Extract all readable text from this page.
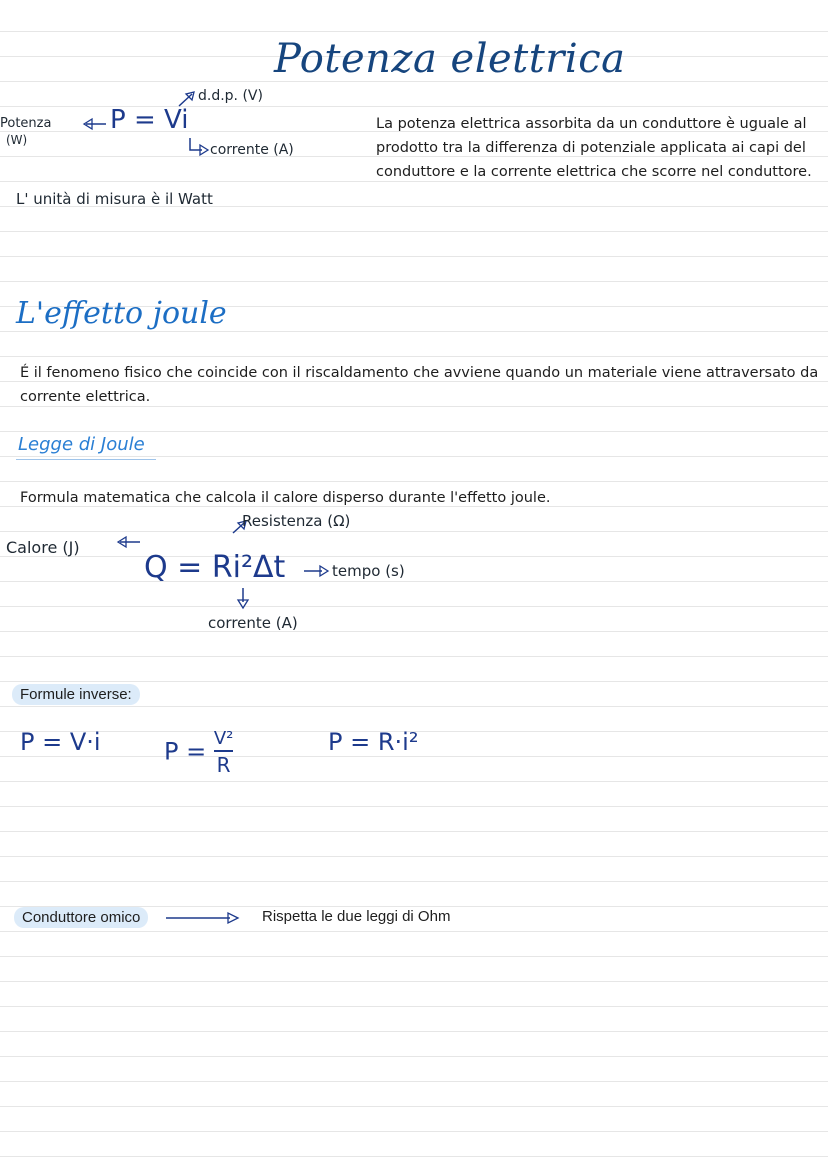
Potenza elettrica
Potenza
(W)
P = Vi
d.d.p. (V)
corrente (A)
L' unità di misura è il Watt
La potenza elettrica assorbita da un conduttore è uguale al prodotto tra la differenza di potenziale applicata ai capi del conduttore e la corrente elettrica che scorre nel conduttore.
L'effetto joule
É il fenomeno fisico che coincide con il riscaldamento che avviene quando un materiale viene attraversato da corrente elettrica.
Legge di Joule
Formula matematica che calcola il calore disperso durante l'effetto joule.
Resistenza (Ω)
Calore (J)
Q = Ri²Δt	tempo (s)
corrente (A)
Formule inverse:
P = V·i	$P = \frac{\text{V²}}{R}$	P = R·i²
Conduttore omico	Rispetta le due leggi di Ohm
